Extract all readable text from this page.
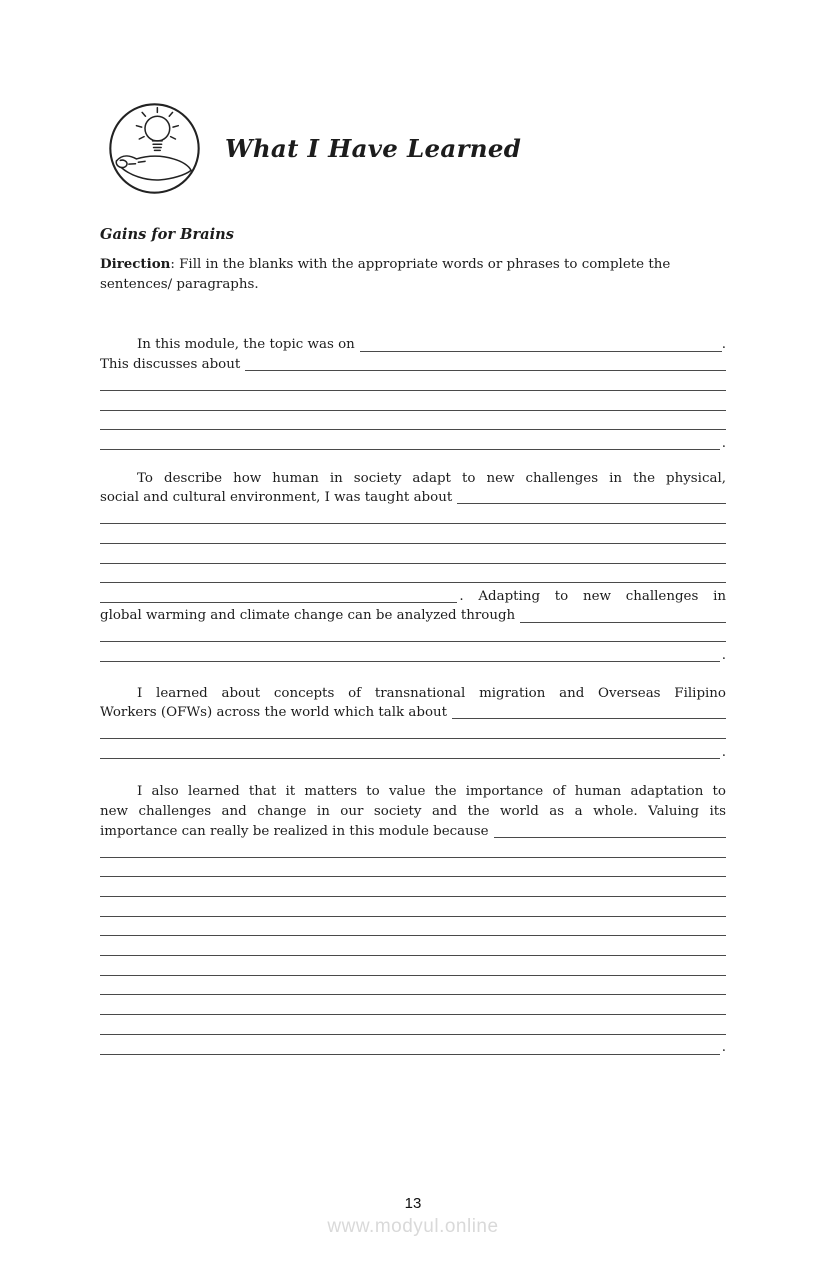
What I Have Learned
Gains for Brains
Direction: Fill in the blanks with the appropriate words or phrases to complete the
sentences/ paragraphs.
In this module, the topic was on	.
This discusses about
.
To describe how human in society adapt to new challenges in the physical,
social and cultural environment, I was taught about
. Adapting to new challenges in
global warming and climate change can be analyzed through
.
I learned about concepts of transnational migration and Overseas Filipino
Workers (OFWs) across the world which talk about
.
I also learned that it matters to value the importance of human adaptation to
new challenges and change in our society and the world as a whole. Valuing its
importance can really be realized in this module because
.
13
www.modyul.online
